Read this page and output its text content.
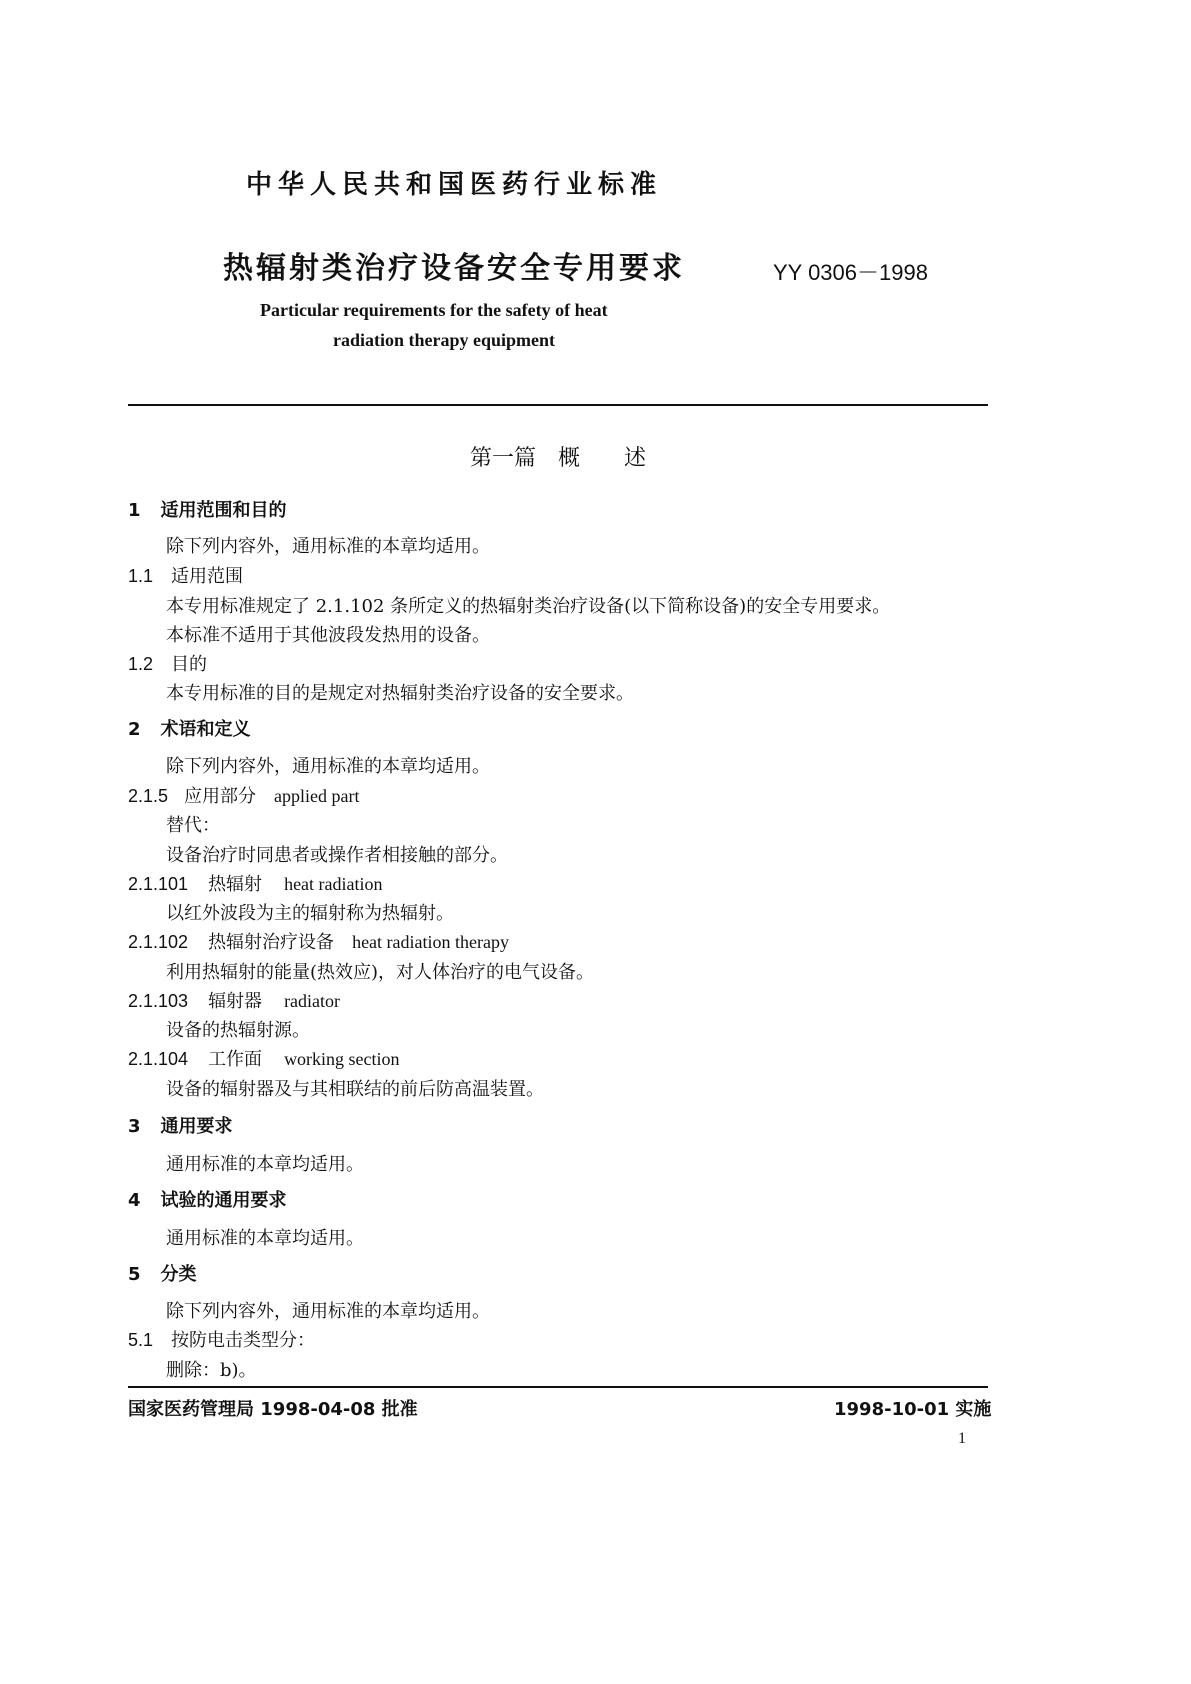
中华人民共和国医药行业标准
热辐射类治疗设备安全专用要求	YY 0306－1998
Particular requirements for the safety of heat
radiation therapy equipment
第一篇　概　　述
1 适用范围和目的
除下列内容外，通用标准的本章均适用。
1.1 适用范围
本专用标准规定了 2.1.102 条所定义的热辐射类治疗设备(以下简称设备)的安全专用要求。
本标准不适用于其他波段发热用的设备。
1.2 目的
本专用标准的目的是规定对热辐射类治疗设备的安全要求。
2 术语和定义
除下列内容外，通用标准的本章均适用。
2.1.5 应用部分 applied part
替代：
设备治疗时同患者或操作者相接触的部分。
2.1.101 热辐射 heat radiation
以红外波段为主的辐射称为热辐射。
2.1.102 热辐射治疗设备 heat radiation therapy
利用热辐射的能量(热效应)，对人体治疗的电气设备。
2.1.103 辐射器 radiator
设备的热辐射源。
2.1.104 工作面 working section
设备的辐射器及与其相联结的前后防高温装置。
3 通用要求
通用标准的本章均适用。
4 试验的通用要求
通用标准的本章均适用。
5 分类
除下列内容外，通用标准的本章均适用。
5.1 按防电击类型分：
删除：b)。
国家医药管理局 1998-04-08 批准	1998-10-01 实施
1
